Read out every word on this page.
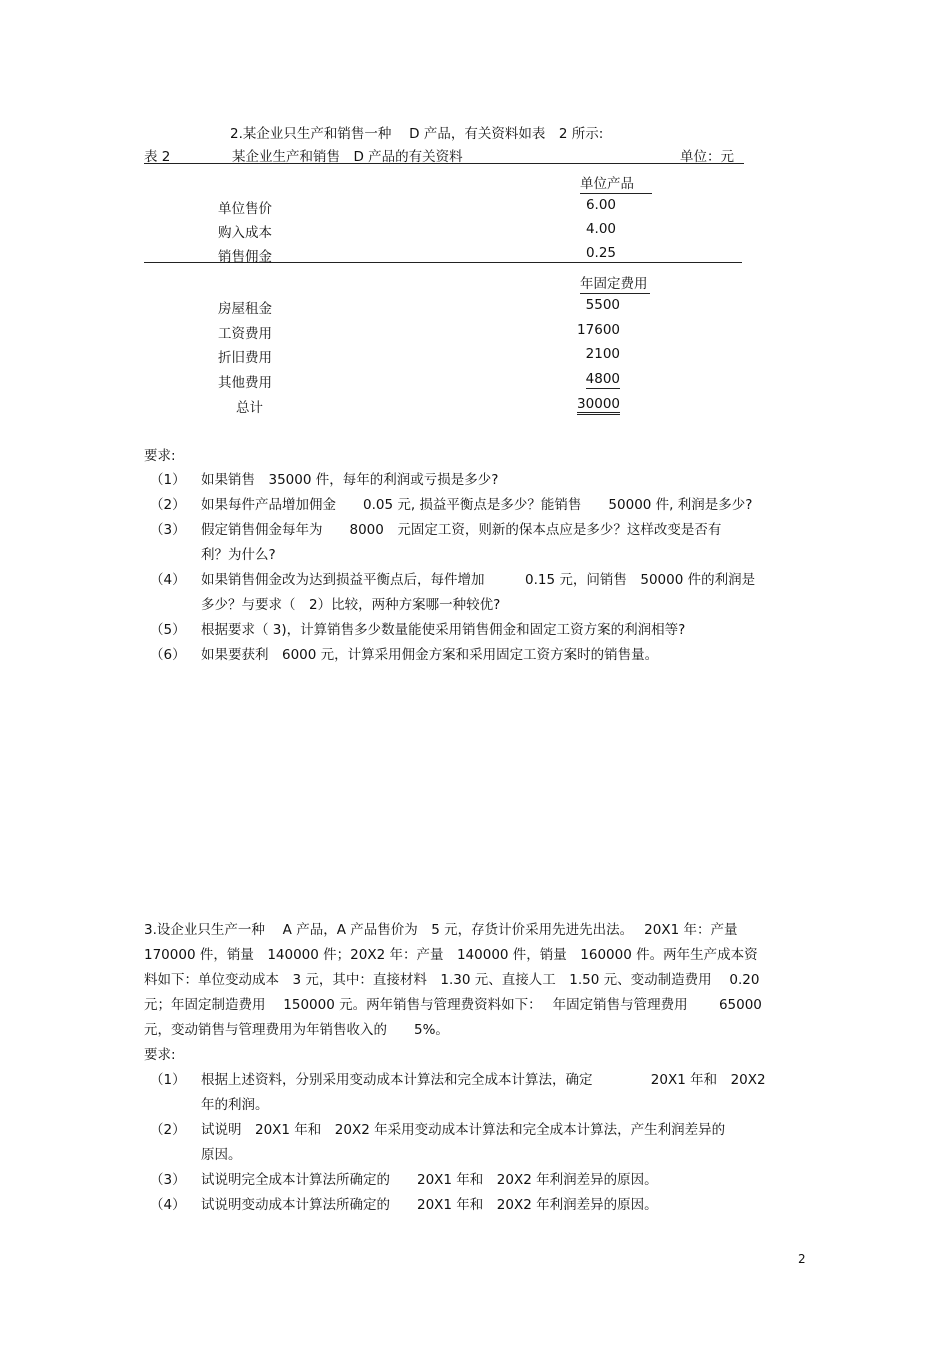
2.某企业只生产和销售一种　 D 产品，有关资料如表　2 所示:
表 2	某企业生产和销售　D 产品的有关资料	单位：元
单位产品
单位售价	6.00
购入成本	4.00
销售佣金	0.25
年固定费用
房屋租金	5500
工资费用	17600
折旧费用	2100
其他费用	4800
总计	30000
要求:
（1） 如果销售　35000 件，每年的利润或亏损是多少?
（2） 如果每件产品增加佣金　　0.05 元, 损益平衡点是多少？能销售　　50000 件, 利润是多少?
（3） 假定销售佣金每年为　　8000　元固定工资，则新的保本点应是多少？这样改变是否有
利？为什么?
（4） 如果销售佣金改为达到损益平衡点后，每件增加　　　0.15 元，问销售　50000 件的利润是
多少？与要求（　2）比较，两种方案哪一种较优?
（5） 根据要求（ 3)，计算销售多少数量能使采用销售佣金和固定工资方案的利润相等?
（6） 如果要获利　6000 元，计算采用佣金方案和采用固定工资方案时的销售量。
3.设企业只生产一种　 A 产品，A 产品售价为　5 元，存货计价采用先进先出法。　 20X1 年：产量
170000 件，销量　140000 件；20X2 年：产量　140000 件，销量　160000 件。两年生产成本资
料如下：单位变动成本　3 元，其中：直接材料　1.30 元、直接人工　1.50 元、变动制造费用　 0.20
元；年固定制造费用　 150000 元。两年销售与管理费资料如下：　 年固定销售与管理费用　　 65000
元，变动销售与管理费用为年销售收入的　　5%。
要求:
（1） 根据上述资料，分别采用变动成本计算法和完全成本计算法，确定　　　　 20X1 年和　20X2
年的利润。
（2） 试说明　20X1 年和　20X2 年采用变动成本计算法和完全成本计算法，产生利润差异的
原因。
（3） 试说明完全成本计算法所确定的　　20X1 年和　20X2 年利润差异的原因。
（4） 试说明变动成本计算法所确定的　　20X1 年和　20X2 年利润差异的原因。
2
